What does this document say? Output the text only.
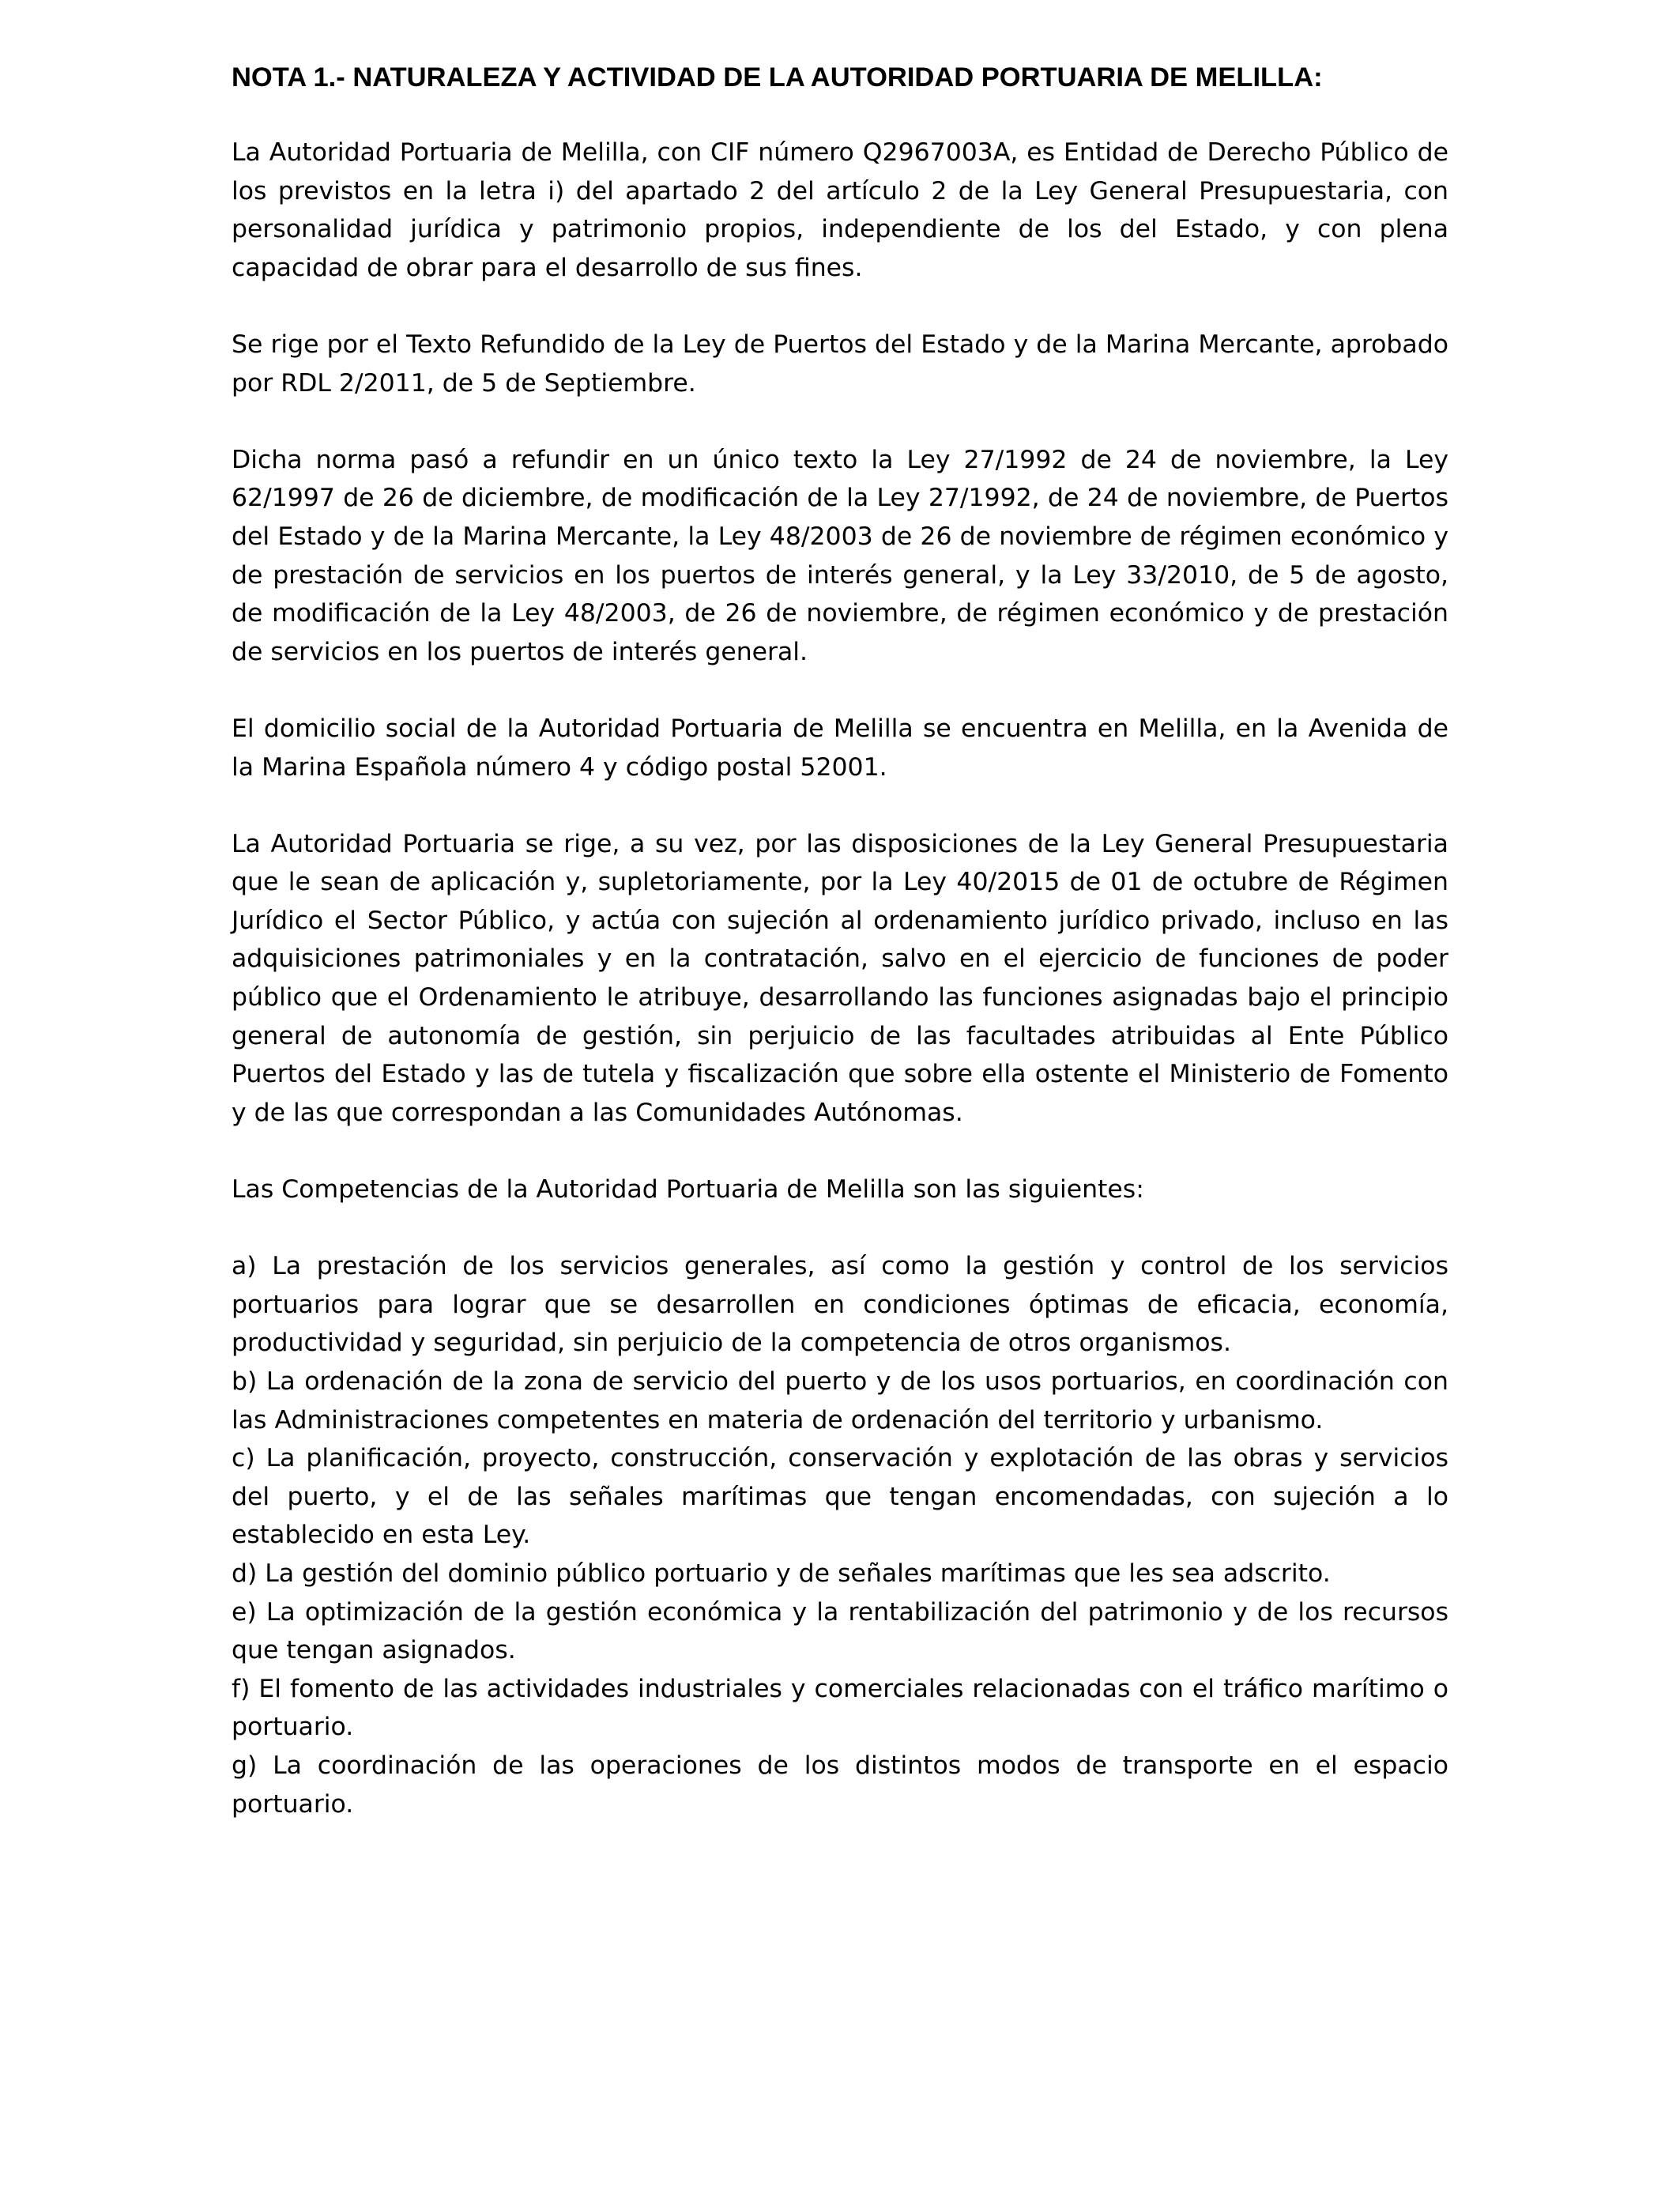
NOTA 1.- NATURALEZA Y ACTIVIDAD DE LA AUTORIDAD PORTUARIA DE MELILLA:

La Autoridad Portuaria de Melilla, con CIF número Q2967003A, es Entidad de Derecho Público de los previstos en la letra i) del apartado 2 del artículo 2 de la Ley General Presupuestaria, con personalidad jurídica y patrimonio propios, independiente de los del Estado, y con plena capacidad de obrar para el desarrollo de sus fines.

Se rige por el Texto Refundido de la Ley de Puertos del Estado y de la Marina Mercante, aprobado por RDL 2/2011, de 5 de Septiembre.

Dicha norma pasó a refundir en un único texto la Ley 27/1992 de 24 de noviembre, la Ley 62/1997 de 26 de diciembre, de modificación de la Ley 27/1992, de 24 de noviembre, de Puertos del Estado y de la Marina Mercante, la Ley 48/2003 de 26 de noviembre de régimen económico y de prestación de servicios en los puertos de interés general, y la Ley 33/2010, de 5 de agosto, de modificación de la Ley 48/2003, de 26 de noviembre, de régimen económico y de prestación de servicios en los puertos de interés general.

El domicilio social de la Autoridad Portuaria de Melilla se encuentra en Melilla, en la Avenida de la Marina Española número 4 y código postal 52001.

La Autoridad Portuaria se rige, a su vez, por las disposiciones de la Ley General Presupuestaria que le sean de aplicación y, supletoriamente, por la Ley 40/2015 de 01 de octubre de Régimen Jurídico el Sector Público, y actúa con sujeción al ordenamiento jurídico privado, incluso en las adquisiciones patrimoniales y en la contratación, salvo en el ejercicio de funciones de poder público que el Ordenamiento le atribuye, desarrollando las funciones asignadas bajo el principio general de autonomía de gestión, sin perjuicio de las facultades atribuidas al Ente Público Puertos del Estado y las de tutela y fiscalización que sobre ella ostente el Ministerio de Fomento y de las que correspondan a las Comunidades Autónomas.

Las Competencias de la Autoridad Portuaria de Melilla son las siguientes:

a) La prestación de los servicios generales, así como la gestión y control de los servicios portuarios para lograr que se desarrollen en condiciones óptimas de eficacia, economía, productividad y seguridad, sin perjuicio de la competencia de otros organismos.
b) La ordenación de la zona de servicio del puerto y de los usos portuarios, en coordinación con las Administraciones competentes en materia de ordenación del territorio y urbanismo.
c) La planificación, proyecto, construcción, conservación y explotación de las obras y servicios del puerto, y el de las señales marítimas que tengan encomendadas, con sujeción a lo establecido en esta Ley.
d) La gestión del dominio público portuario y de señales marítimas que les sea adscrito.
e) La optimización de la gestión económica y la rentabilización del patrimonio y de los recursos que tengan asignados.
f) El fomento de las actividades industriales y comerciales relacionadas con el tráfico marítimo o portuario.
g) La coordinación de las operaciones de los distintos modos de transporte en el espacio portuario.
